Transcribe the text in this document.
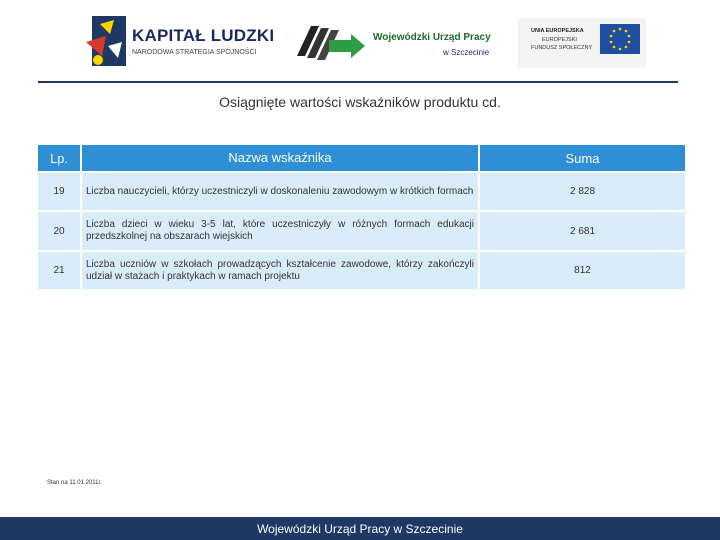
KAPITAŁ LUDZKI
NARODOWA STRATEGIA SPÓJNOŚCI
Wojewódzki Urząd Pracy
w Szczecinie
UNIA EUROPEJSKA
EUROPEJSKI
FUNDUSZ SPOŁECZNY
Osiągnięte wartości wskaźników produktu cd.
Lp.	Nazwa wskaźnika	Suma
19	Liczba nauczycieli, którzy uczestniczyli w doskonaleniu zawodowym w krótkich formach	2 828
20	Liczba dzieci w wieku 3-5 lat, które uczestniczyły w różnych formach edukacji przedszkolnej na obszarach wiejskich	2 681
21	Liczba uczniów w szkołach prowadzących kształcenie zawodowe, którzy zakończyli udział w stażach i praktykach w ramach projektu	812
Stan na 11.01.2011r.
Wojewódzki Urząd Pracy w Szczecinie
